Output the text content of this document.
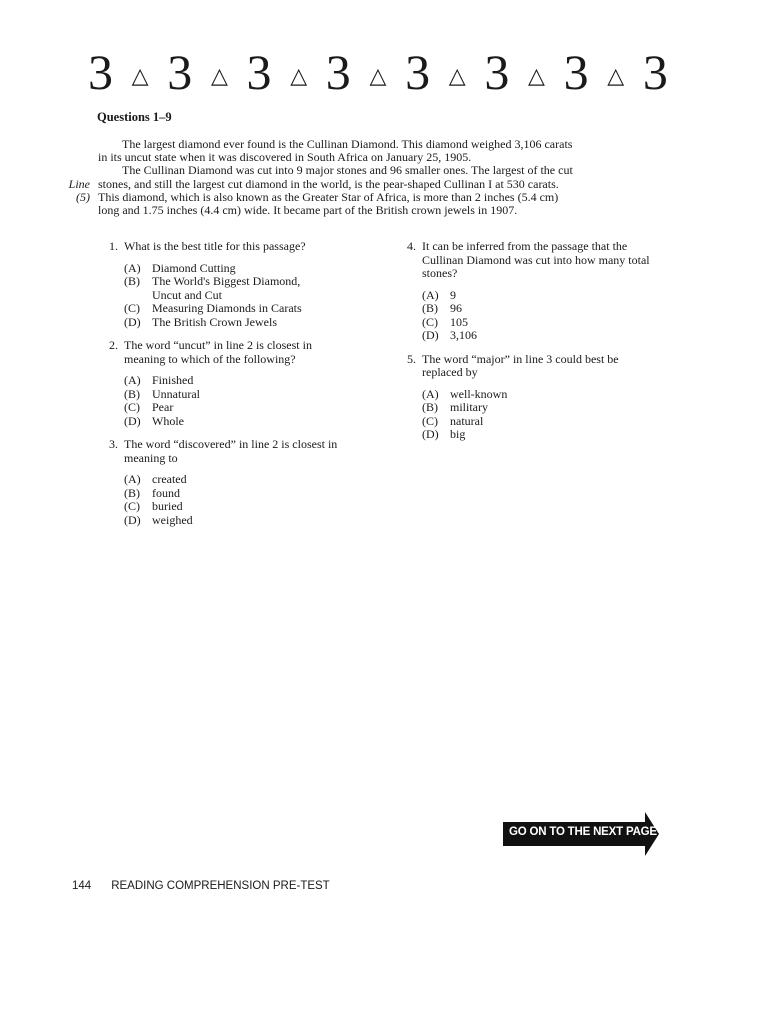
3 △ 3 △ 3 △ 3 △ 3 △ 3 △ 3 △ 3
Questions 1–9
The largest diamond ever found is the Cullinan Diamond. This diamond weighed 3,106 carats
in its uncut state when it was discovered in South Africa on January 25, 1905.
The Cullinan Diamond was cut into 9 major stones and 96 smaller ones. The largest of the cut
Line stones, and still the largest cut diamond in the world, is the pear-shaped Cullinan I at 530 carats.
(5) This diamond, which is also known as the Greater Star of Africa, is more than 2 inches (5.4 cm)
long and 1.75 inches (4.4 cm) wide. It became part of the British crown jewels in 1907.
1. What is the best title for this passage?
(A) Diamond Cutting
(B)	The World's Biggest Diamond, Uncut and Cut
(C)	Measuring Diamonds in Carats
(D) The British Crown Jewels
2. The word “uncut” in line 2 is closest in meaning to which of the following?
(A) Finished
(B)	Unnatural
(C)	Pear
(D) Whole
3. The word “discovered” in line 2 is closest in meaning to
(A) created
(B)	found
(C)	buried
(D) weighed
4. It can be inferred from the passage that the Cullinan Diamond was cut into how many total stones?
(A) 9
(B)	96
(C)	105
(D) 3,106
5. The word “major” in line 3 could best be replaced by
(A) well-known
(B)	military
(C)	natural
(D) big
GO ON TO THE NEXT PAGE
144 READING COMPREHENSION PRE-TEST
